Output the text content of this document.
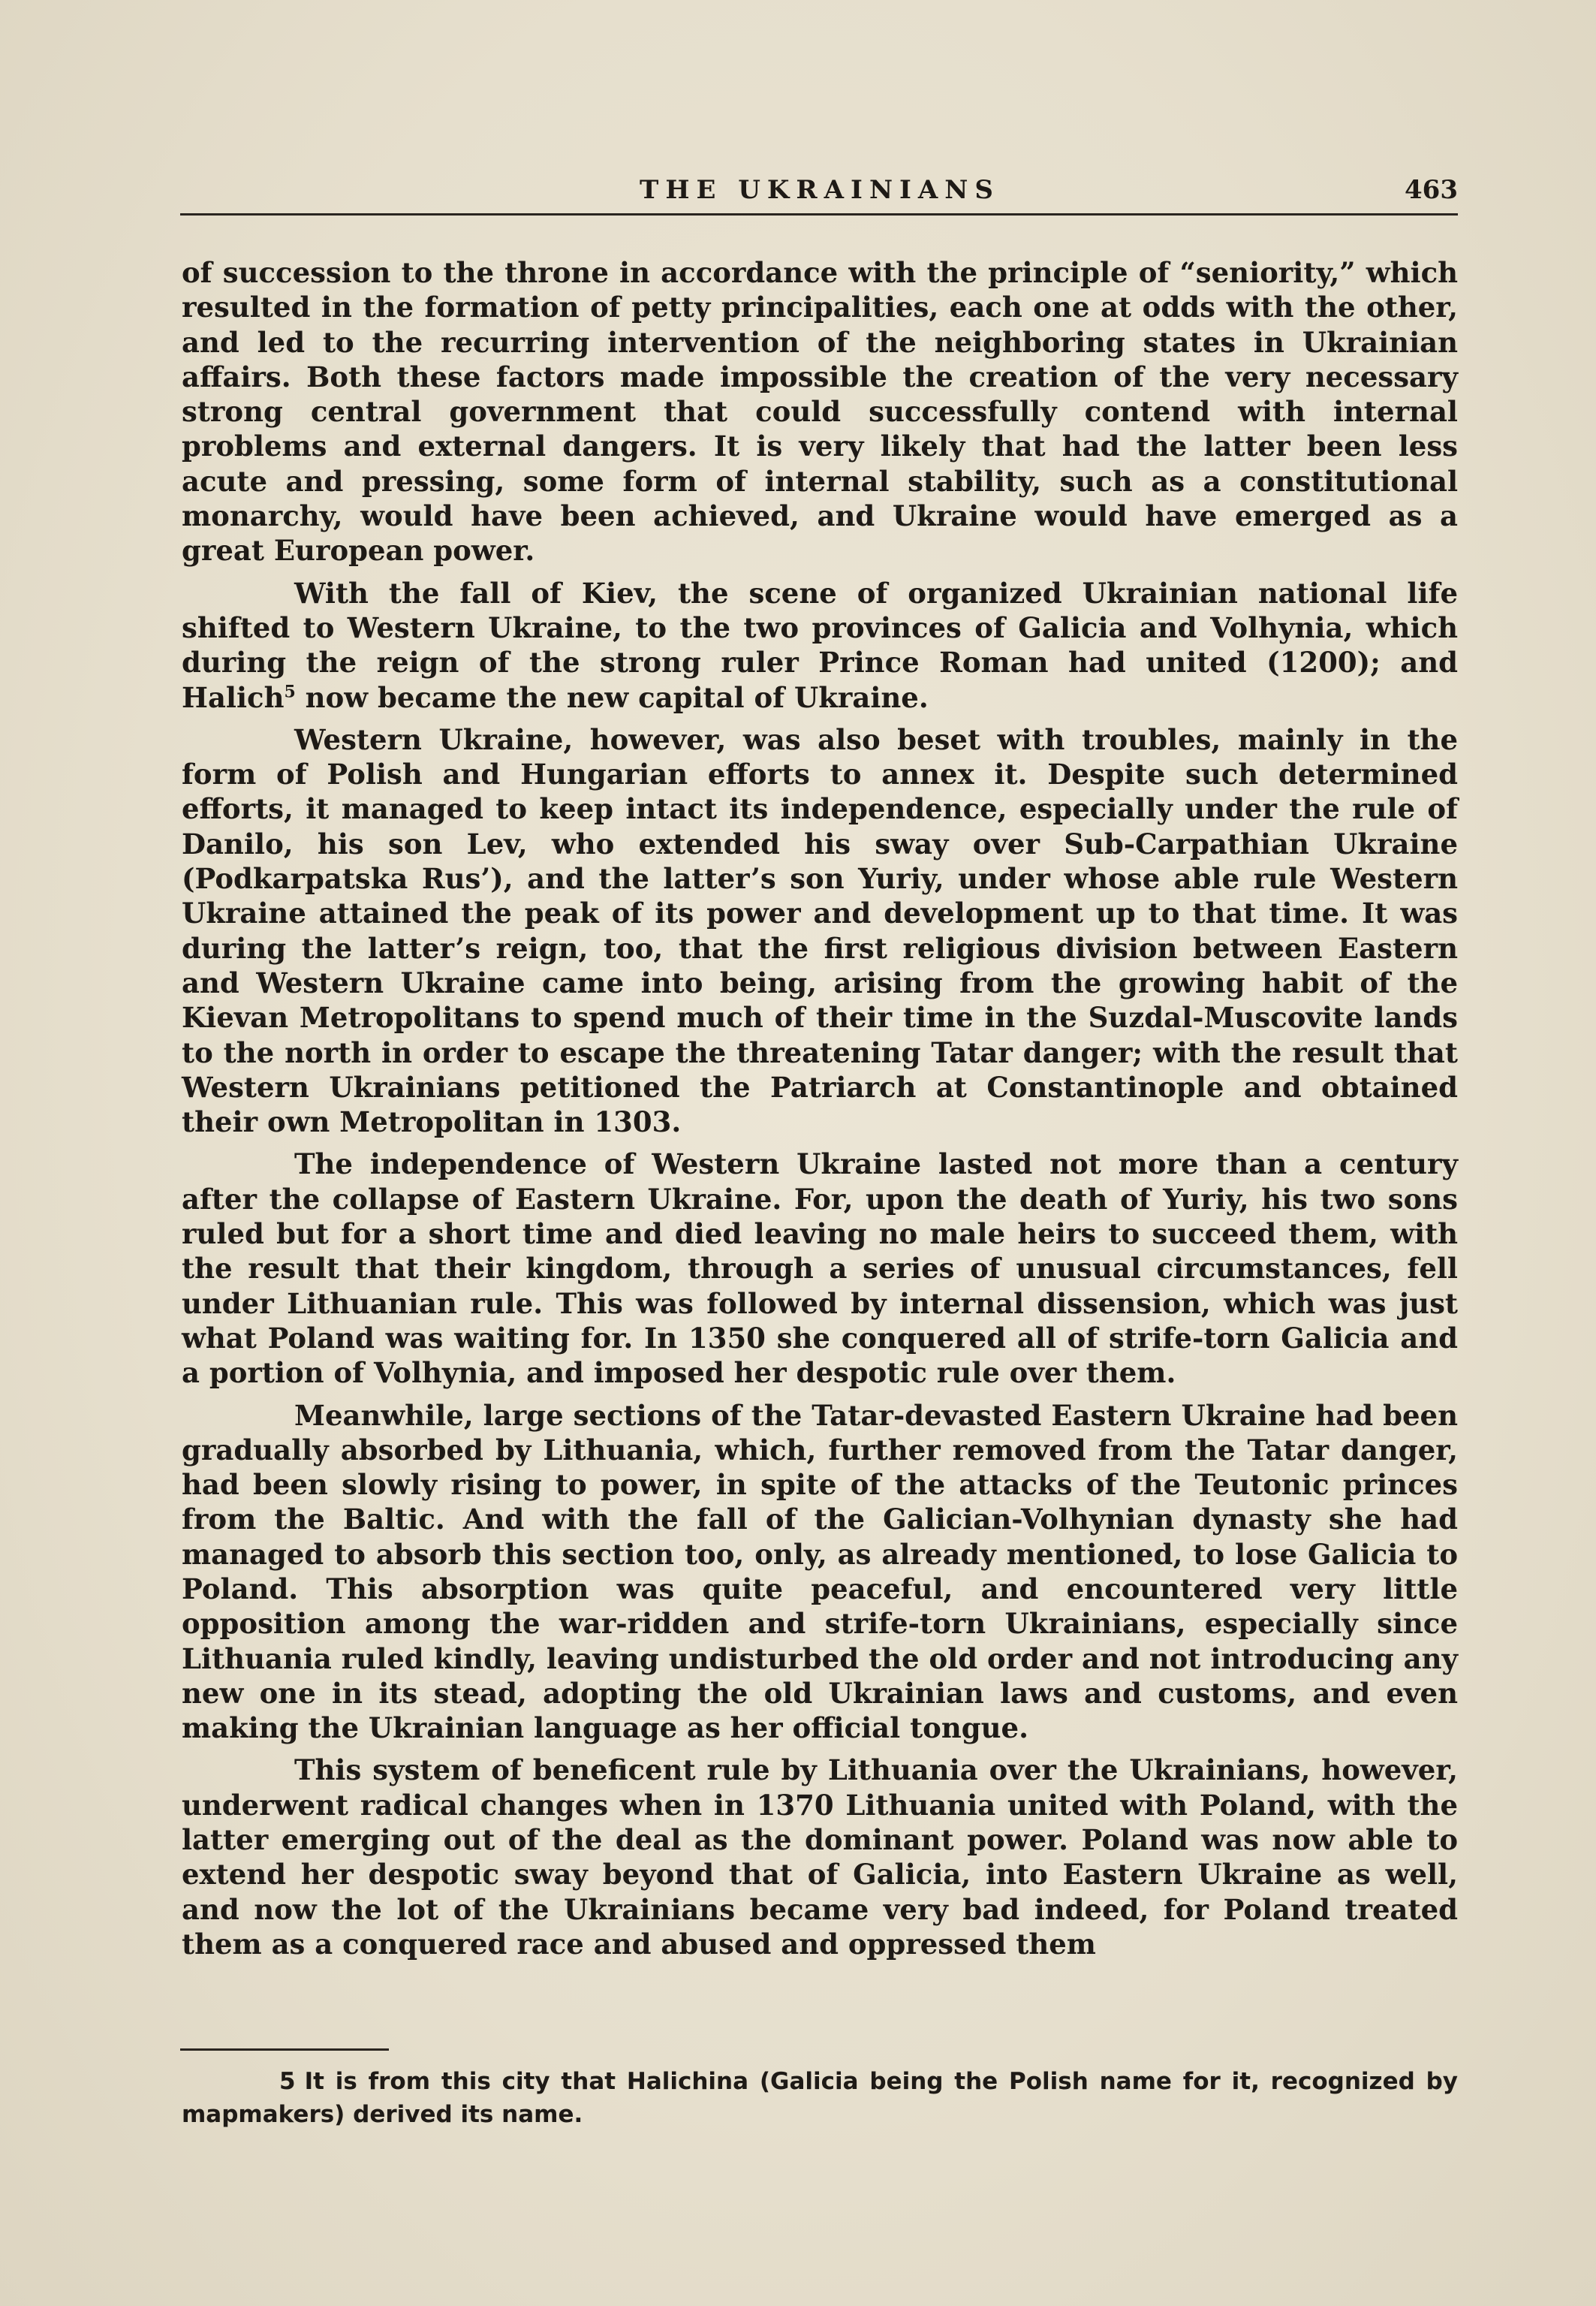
THE UKRAINIANS	463

of succession to the throne in accordance with the principle of “seniority,” which resulted in the formation of petty principalities, each one at odds with the other, and led to the recurring intervention of the neighboring states in Ukrainian affairs. Both these factors made impossible the creation of the very necessary strong central government that could successfully contend with internal problems and external dangers. It is very likely that had the latter been less acute and pressing, some form of internal stability, such as a constitutional monarchy, would have been achieved, and Ukraine would have emerged as a great European power.

With the fall of Kiev, the scene of organized Ukrainian national life shifted to Western Ukraine, to the two provinces of Galicia and Volhynia, which during the reign of the strong ruler Prince Roman had united (1200); and Halich$^5$ now became the new capital of Ukraine.

Western Ukraine, however, was also beset with troubles, mainly in the form of Polish and Hungarian efforts to annex it. Despite such determined efforts, it managed to keep intact its independence, especially under the rule of Danilo, his son Lev, who extended his sway over Sub-Carpathian Ukraine (Podkarpatska Rus’), and the latter’s son Yuriy, under whose able rule Western Ukraine attained the peak of its power and development up to that time. It was during the latter’s reign, too, that the first religious division between Eastern and Western Ukraine came into being, arising from the growing habit of the Kievan Metropolitans to spend much of their time in the Suzdal-Muscovite lands to the north in order to escape the threatening Tatar danger; with the result that Western Ukrainians petitioned the Patriarch at Constantinople and obtained their own Metropolitan in 1303.

The independence of Western Ukraine lasted not more than a century after the collapse of Eastern Ukraine. For, upon the death of Yuriy, his two sons ruled but for a short time and died leaving no male heirs to succeed them, with the result that their kingdom, through a series of unusual circumstances, fell under Lithuanian rule. This was followed by internal dissension, which was just what Poland was waiting for. In 1350 she conquered all of strife-torn Galicia and a portion of Volhynia, and imposed her despotic rule over them.

Meanwhile, large sections of the Tatar-devasted Eastern Ukraine had been gradually absorbed by Lithuania, which, further removed from the Tatar danger, had been slowly rising to power, in spite of the attacks of the Teutonic princes from the Baltic. And with the fall of the Galician-Volhynian dynasty she had managed to absorb this section too, only, as already mentioned, to lose Galicia to Poland. This absorption was quite peaceful, and encountered very little opposition among the war-ridden and strife-torn Ukrainians, especially since Lithuania ruled kindly, leaving undisturbed the old order and not introducing any new one in its stead, adopting the old Ukrainian laws and customs, and even making the Ukrainian language as her official tongue.

This system of beneficent rule by Lithuania over the Ukrainians, however, underwent radical changes when in 1370 Lithuania united with Poland, with the latter emerging out of the deal as the dominant power. Poland was now able to extend her despotic sway beyond that of Galicia, into Eastern Ukraine as well, and now the lot of the Ukrainians became very bad indeed, for Poland treated them as a conquered race and abused and oppressed them

5 It is from this city that Halichina (Galicia being the Polish name for it, recognized by mapmakers) derived its name.
